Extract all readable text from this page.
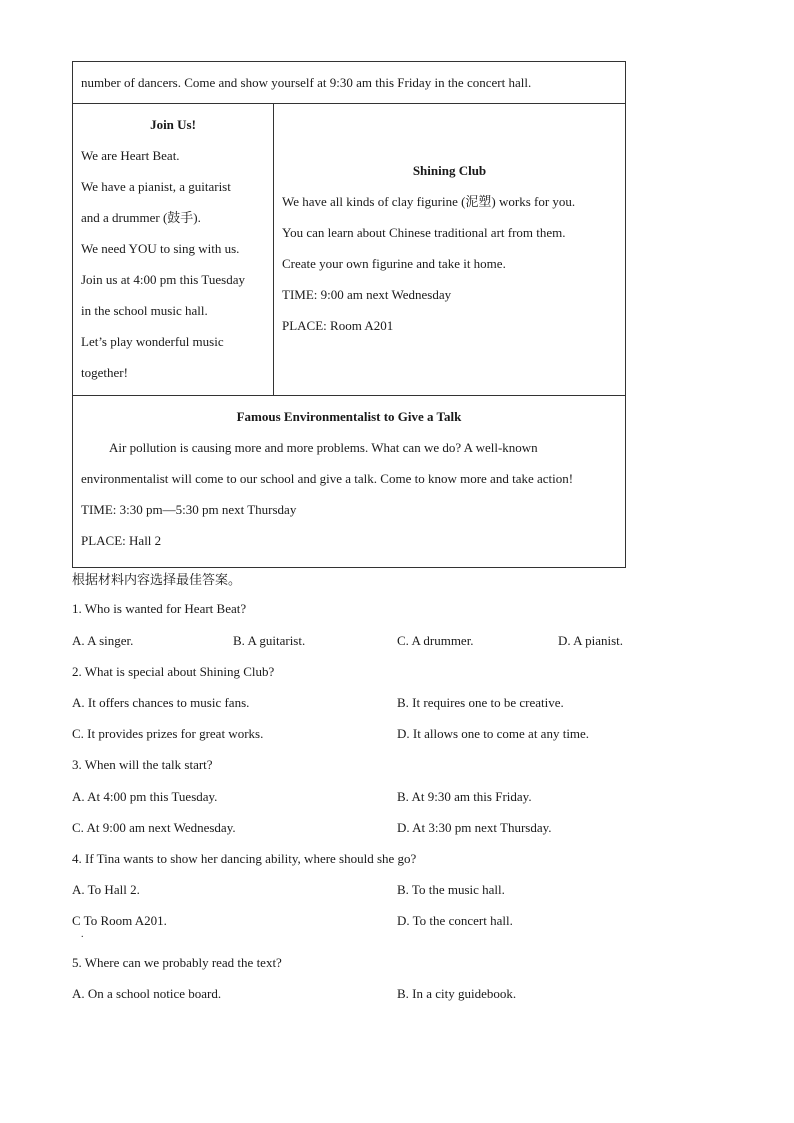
number of dancers. Come and show yourself at 9:30 am this Friday in the concert hall.
Join Us!
We are Heart Beat.
We have a pianist, a guitarist
and a drummer (鼓手).
We need YOU to sing with us.
Join us at 4:00 pm this Tuesday
in the school music hall.
Let’s play wonderful music
together!
Shining Club
We have all kinds of clay figurine (泥塑) works for you.
You can learn about Chinese traditional art from them.
Create your own figurine and take it home.
TIME: 9:00 am next Wednesday
PLACE: Room A201
Famous Environmentalist to Give a Talk
Air pollution is causing more and more problems. What can we do? A well-known
environmentalist will come to our school and give a talk. Come to know more and take action!
TIME: 3:30 pm—5:30 pm next Thursday
PLACE: Hall 2
根据材料内容选择最佳答案。
1. Who is wanted for Heart Beat?
A. A singer.	B. A guitarist.	C. A drummer.	D. A pianist.
2. What is special about Shining Club?
A. It offers chances to music fans.	B. It requires one to be creative.
C. It provides prizes for great works.	D. It allows one to come at any time.
3. When will the talk start?
A. At 4:00 pm this Tuesday.	B. At 9:30 am this Friday.
C. At 9:00 am next Wednesday.	D. At 3:30 pm next Thursday.
4. If Tina wants to show her dancing ability, where should she go?
A. To Hall 2.	B. To the music hall.
C To Room A201.	D. To the concert hall.
.
5. Where can we probably read the text?
A. On a school notice board.	B. In a city guidebook.
